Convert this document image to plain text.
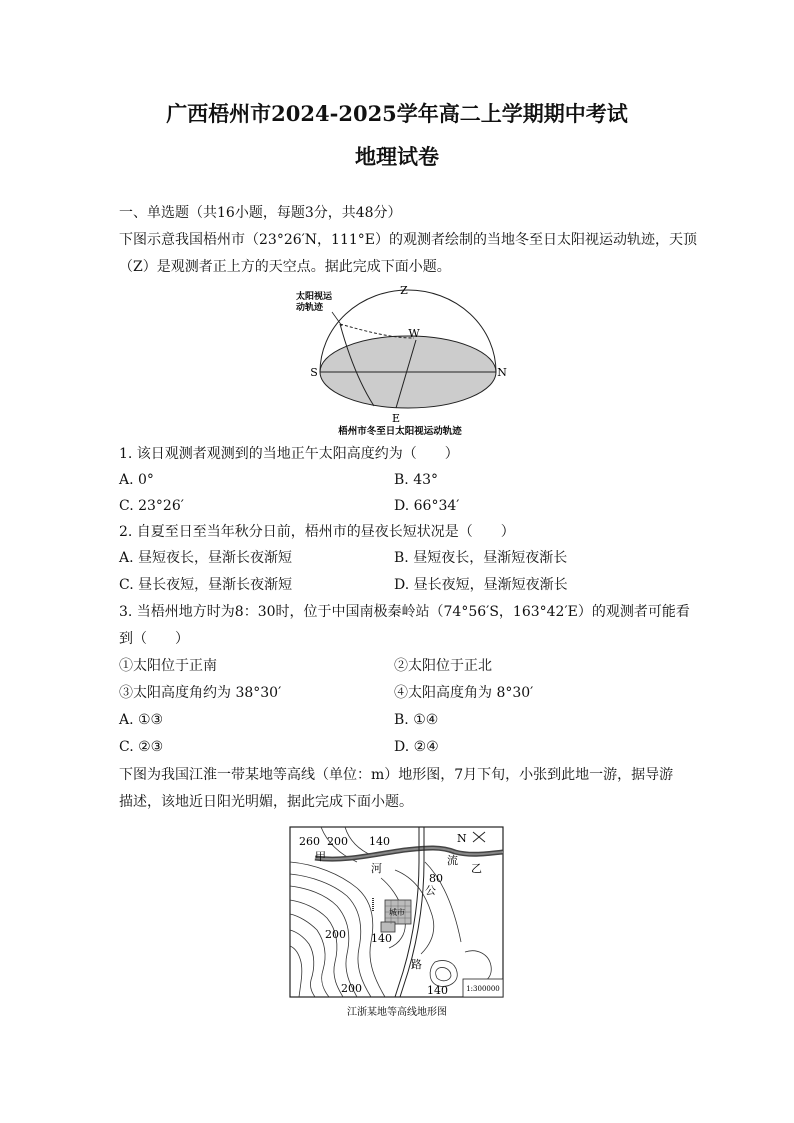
广西梧州市2024-2025学年高二上学期期中考试
地理试卷
一、单选题（共16小题，每题3分，共48分）
下图示意我国梧州市（23°26′N，111°E）的观测者绘制的当地冬至日太阳视运动轨迹，天顶
（Z）是观测者正上方的天空点。据此完成下面小题。
Z
W
S	N
E
太阳视运
动轨迹
梧州市冬至日太阳视运动轨迹
1. 该日观测者观测到的当地正午太阳高度约为（　　）
A. 0°	B. 43°
C. 23°26′	D. 66°34′
2. 自夏至日至当年秋分日前，梧州市的昼夜长短状况是（　　）
A. 昼短夜长，昼渐长夜渐短	B. 昼短夜长，昼渐短夜渐长
C. 昼长夜短，昼渐长夜渐短	D. 昼长夜短，昼渐短夜渐长
3. 当梧州地方时为8：30时，位于中国南极秦岭站（74°56′S，163°42′E）的观测者可能看
到（　　）
①太阳位于正南	②太阳位于正北
③太阳高度角约为 38°30′	④太阳高度角为 8°30′
A. ①③	B. ①④
C. ②③	D. ②④
下图为我国江淮一带某地等高线（单位：m）地形图，7月下旬，小张到此地一游，据导游
描述，该地近日阳光明媚，据此完成下面小题。
260 200 140
甲
河
流
乙
N
80
公
路
城市
200 140
200	140	1:300000
江浙某地等高线地形图
